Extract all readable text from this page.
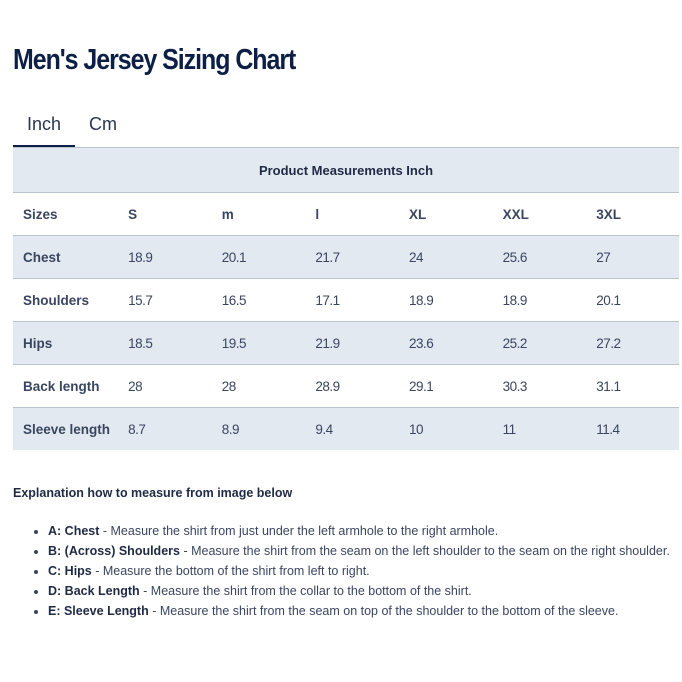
Men's Jersey Sizing Chart
Inch	Cm
Product Measurements Inch						
Sizes	S	m	l	XL	XXL	3XL
Chest	18.9	20.1	21.7	24	25.6	27
Shoulders	15.7	16.5	17.1	18.9	18.9	20.1
Hips	18.5	19.5	21.9	23.6	25.2	27.2
Back length	28	28	28.9	29.1	30.3	31.1
Sleeve length	8.7	8.9	9.4	10	11	11.4

Explanation how to measure from image below

• A: Chest - Measure the shirt from just under the left armhole to the right armhole.
• B: (Across) Shoulders - Measure the shirt from the seam on the left shoulder to the seam on the right shoulder.
• C: Hips - Measure the bottom of the shirt from left to right.
• D: Back Length - Measure the shirt from the collar to the bottom of the shirt.
• E: Sleeve Length - Measure the shirt from the seam on top of the shoulder to the bottom of the sleeve.
